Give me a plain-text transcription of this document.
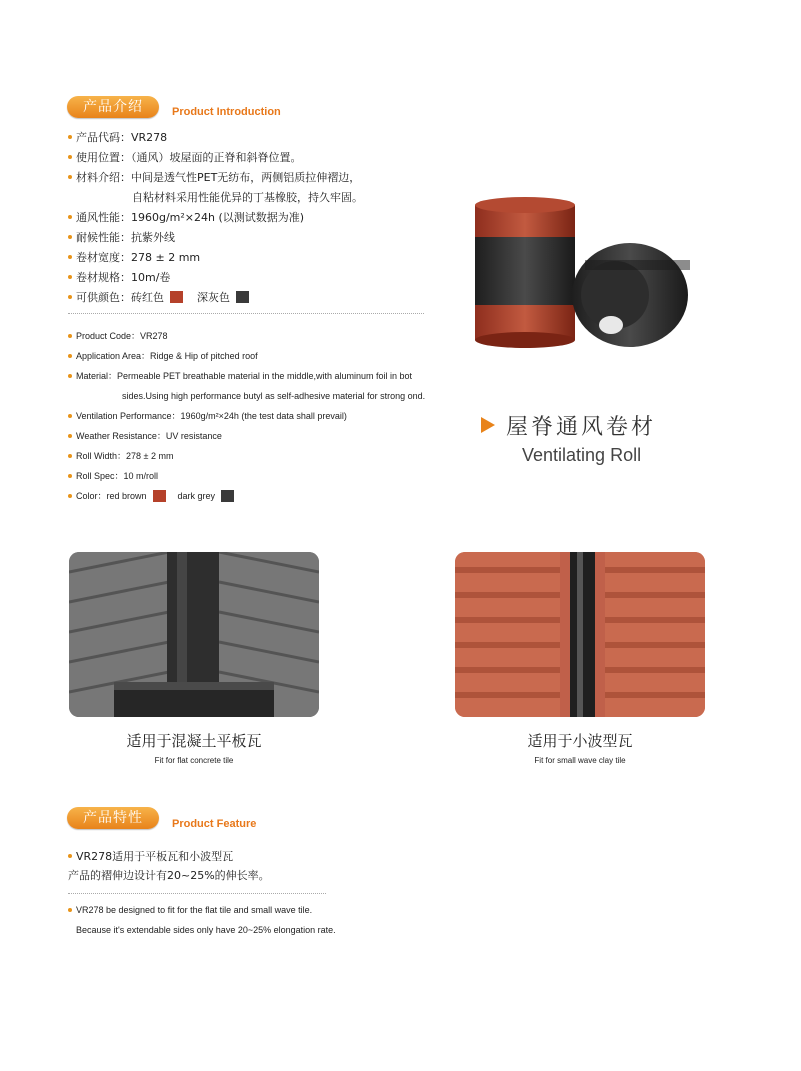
产品介绍	Product Introduction
产品代码：VR278
使用位置：（通风）坡屋面的正脊和斜脊位置。
材料介绍：中间是透气性PET无纺布，两侧铝质拉伸褶边，
自粘材料采用性能优异的丁基橡胶，持久牢固。
通风性能：1960g/m²×24h (以测试数据为准)
耐候性能：抗紫外线
卷材宽度：278 ± 2 mm
卷材规格：10m/卷
可供颜色：砖红色	深灰色
Product Code：VR278
Application Area：Ridge & Hip of pitched roof
Material：Permeable PET breathable material in the middle,with aluminum foil in bot
sides.Using high performance butyl as self-adhesive material for strong ond.
Ventilation Performance：1960g/m²×24h (the test data shall prevail)
Weather Resistance：UV resistance
Roll Width：278 ± 2 mm
Roll Spec：10 m/roll
Color：red brown	dark grey
屋脊通风卷材
Ventilating Roll
适用于混凝土平板瓦
Fit for flat concrete tile
适用于小波型瓦
Fit for small wave clay tile
产品特性	Product Feature
VR278适用于平板瓦和小波型瓦
产品的褶伸边设计有20~25%的伸长率。
VR278 be designed to fit for the flat tile and small wave tile.
Because it's extendable sides only have 20~25% elongation rate.
